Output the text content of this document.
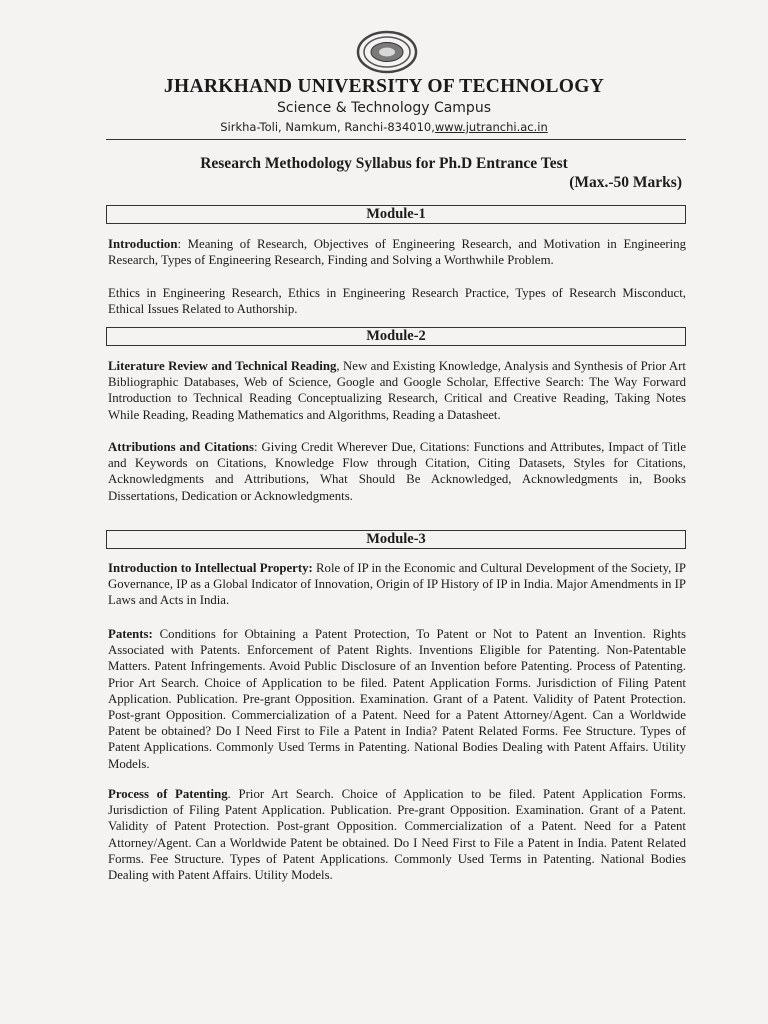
JHARKHAND UNIVERSITY OF TECHNOLOGY
Science & Technology Campus
Sirkha-Toli, Namkum, Ranchi-834010,www.jutranchi.ac.in
Research Methodology Syllabus for Ph.D Entrance Test
(Max.-50 Marks)
Module-1

Introduction: Meaning of Research, Objectives of Engineering Research, and Motivation in Engineering Research, Types of Engineering Research, Finding and Solving a Worthwhile Problem.

Ethics in Engineering Research, Ethics in Engineering Research Practice, Types of Research Misconduct, Ethical Issues Related to Authorship.

Module-2

Literature Review and Technical Reading, New and Existing Knowledge, Analysis and Synthesis of Prior Art Bibliographic Databases, Web of Science, Google and Google Scholar, Effective Search: The Way Forward Introduction to Technical Reading Conceptualizing Research, Critical and Creative Reading, Taking Notes While Reading, Reading Mathematics and Algorithms, Reading a Datasheet.

Attributions and Citations: Giving Credit Wherever Due, Citations: Functions and Attributes, Impact of Title and Keywords on Citations, Knowledge Flow through Citation, Citing Datasets, Styles for Citations, Acknowledgments and Attributions, What Should Be Acknowledged, Acknowledgments in, Books Dissertations, Dedication or Acknowledgments.

Module-3

Introduction to Intellectual Property: Role of IP in the Economic and Cultural Development of the Society, IP Governance, IP as a Global Indicator of Innovation, Origin of IP History of IP in India. Major Amendments in IP Laws and Acts in India.

Patents: Conditions for Obtaining a Patent Protection, To Patent or Not to Patent an Invention. Rights Associated with Patents. Enforcement of Patent Rights. Inventions Eligible for Patenting. Non-Patentable Matters. Patent Infringements. Avoid Public Disclosure of an Invention before Patenting. Process of Patenting. Prior Art Search. Choice of Application to be filed. Patent Application Forms. Jurisdiction of Filing Patent Application. Publication. Pre-grant Opposition. Examination. Grant of a Patent. Validity of Patent Protection. Post-grant Opposition. Commercialization of a Patent. Need for a Patent Attorney/Agent. Can a Worldwide Patent be obtained? Do I Need First to File a Patent in India? Patent Related Forms. Fee Structure. Types of Patent Applications. Commonly Used Terms in Patenting. National Bodies Dealing with Patent Affairs. Utility Models.

Process of Patenting. Prior Art Search. Choice of Application to be filed. Patent Application Forms. Jurisdiction of Filing Patent Application. Publication. Pre-grant Opposition. Examination. Grant of a Patent. Validity of Patent Protection. Post-grant Opposition. Commercialization of a Patent. Need for a Patent Attorney/Agent. Can a Worldwide Patent be obtained. Do I Need First to File a Patent in India. Patent Related Forms. Fee Structure. Types of Patent Applications. Commonly Used Terms in Patenting. National Bodies Dealing with Patent Affairs. Utility Models.
